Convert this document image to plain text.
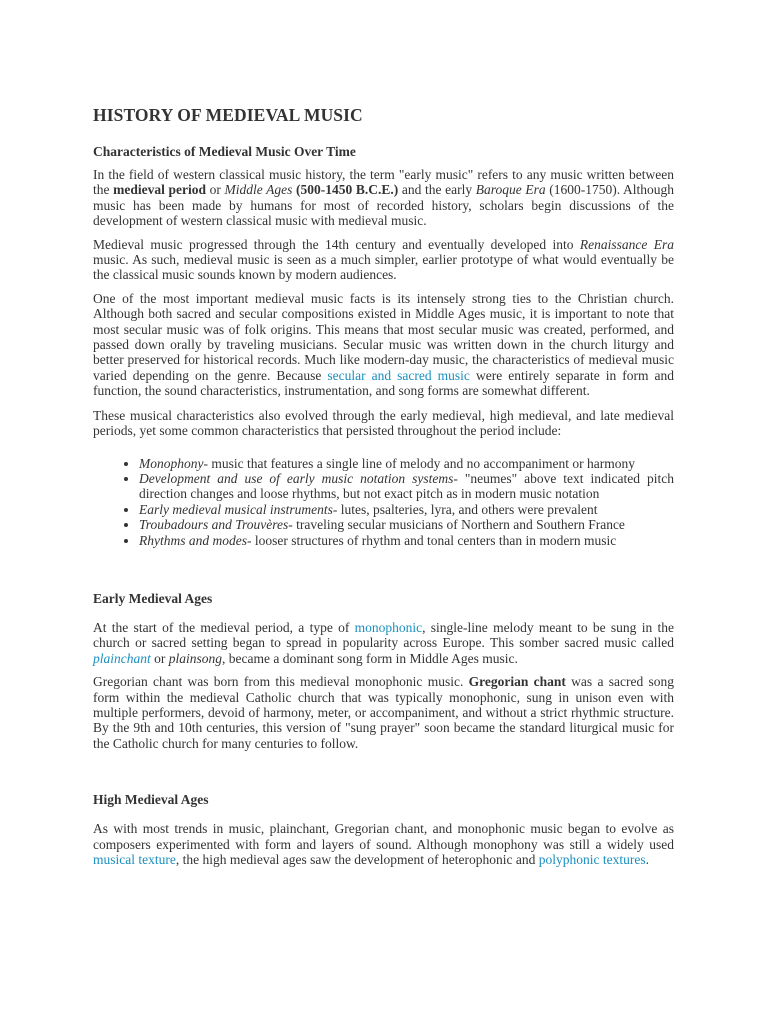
HISTORY OF MEDIEVAL MUSIC
Characteristics of Medieval Music Over Time

In the field of western classical music history, the term "early music" refers to any music written between the medieval period or Middle Ages (500-1450 B.C.E.) and the early Baroque Era (1600-1750). Although music has been made by humans for most of recorded history, scholars begin discussions of the development of western classical music with medieval music.

Medieval music progressed through the 14th century and eventually developed into Renaissance Era music. As such, medieval music is seen as a much simpler, earlier prototype of what would eventually be the classical music sounds known by modern audiences.

One of the most important medieval music facts is its intensely strong ties to the Christian church. Although both sacred and secular compositions existed in Middle Ages music, it is important to note that most secular music was of folk origins. This means that most secular music was created, performed, and passed down orally by traveling musicians. Secular music was written down in the church liturgy and better preserved for historical records. Much like modern-day music, the characteristics of medieval music varied depending on the genre. Because secular and sacred music were entirely separate in form and function, the sound characteristics, instrumentation, and song forms are somewhat different.

These musical characteristics also evolved through the early medieval, high medieval, and late medieval periods, yet some common characteristics that persisted throughout the period include:

• Monophony- music that features a single line of melody and no accompaniment or harmony
• Development and use of early music notation systems- "neumes" above text indicated pitch direction changes and loose rhythms, but not exact pitch as in modern music notation
• Early medieval musical instruments- lutes, psalteries, lyra, and others were prevalent
• Troubadours and Trouvères- traveling secular musicians of Northern and Southern France
• Rhythms and modes- looser structures of rhythm and tonal centers than in modern music
Early Medieval Ages

At the start of the medieval period, a type of monophonic, single-line melody meant to be sung in the church or sacred setting began to spread in popularity across Europe. This somber sacred music called plainchant or plainsong, became a dominant song form in Middle Ages music.

Gregorian chant was born from this medieval monophonic music. Gregorian chant was a sacred song form within the medieval Catholic church that was typically monophonic, sung in unison even with multiple performers, devoid of harmony, meter, or accompaniment, and without a strict rhythmic structure. By the 9th and 10th centuries, this version of "sung prayer" soon became the standard liturgical music for the Catholic church for many centuries to follow.

High Medieval Ages

As with most trends in music, plainchant, Gregorian chant, and monophonic music began to evolve as composers experimented with form and layers of sound. Although monophony was still a widely used musical texture, the high medieval ages saw the development of heterophonic and polyphonic textures.
